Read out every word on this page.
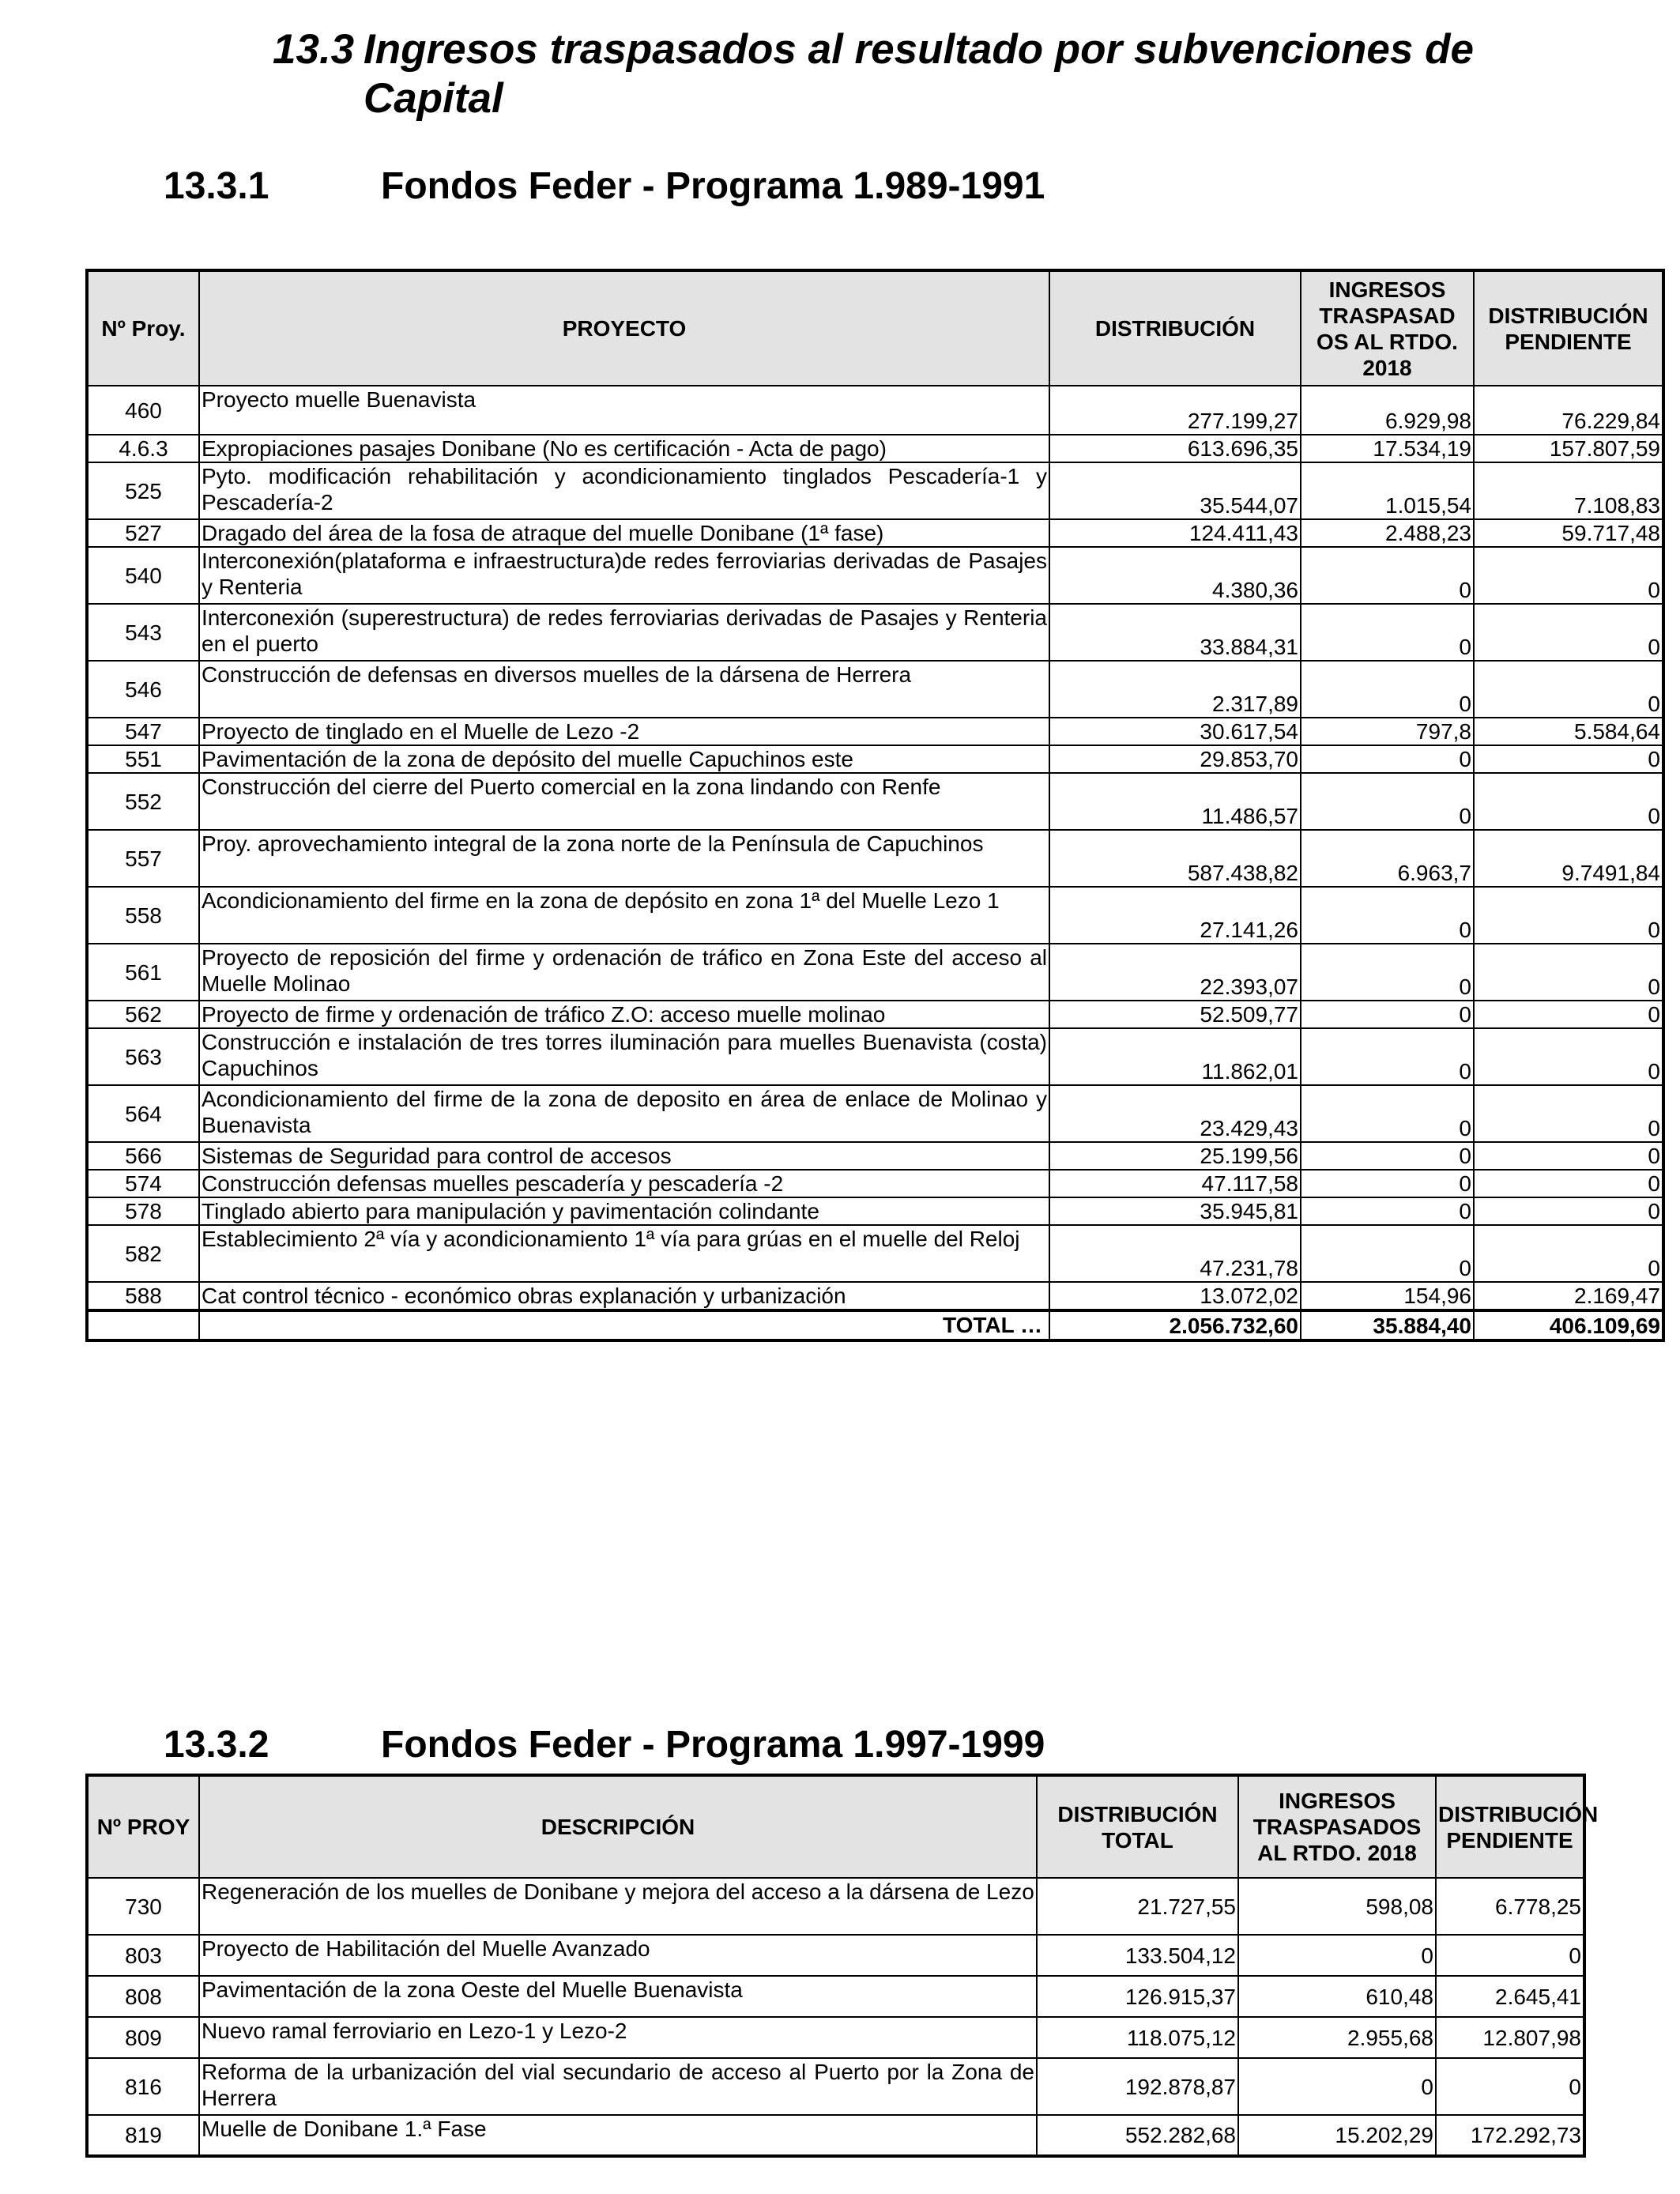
13.3 Ingresos traspasados al resultado por subvenciones de
Capital
13.3.1	Fondos Feder - Programa 1.989-1991
Nº Proy.	PROYECTO	DISTRIBUCIÓN	INGRESOS TRASPASAD OS AL RTDO. 2018	DISTRIBUCIÓN PENDIENTE
460	Proyecto muelle Buenavista	277.199,27	6.929,98	76.229,84
4.6.3	Expropiaciones pasajes Donibane (No es certificación - Acta de pago)	613.696,35	17.534,19	157.807,59
525	Pyto. modificación rehabilitación y acondicionamiento tinglados Pescadería-1 y Pescadería-2	35.544,07	1.015,54	7.108,83
527	Dragado del área de la fosa de atraque del muelle Donibane (1ª fase)	124.411,43	2.488,23	59.717,48
540	Interconexión(plataforma e infraestructura)de redes ferroviarias derivadas de Pasajes y Renteria	4.380,36	0	0
543	Interconexión (superestructura) de redes ferroviarias derivadas de Pasajes y Renteria en el puerto	33.884,31	0	0
546	Construcción de defensas en diversos muelles de la dársena de Herrera	2.317,89	0	0
547	Proyecto de tinglado en el Muelle de Lezo -2	30.617,54	797,8	5.584,64
551	Pavimentación de la zona de depósito del muelle Capuchinos este	29.853,70	0	0
552	Construcción del cierre del Puerto comercial en la zona lindando con Renfe	11.486,57	0	0
557	Proy. aprovechamiento integral de la zona norte de la Península de Capuchinos	587.438,82	6.963,7	9.7491,84
558	Acondicionamiento del firme en la zona de depósito en zona 1ª del Muelle Lezo 1	27.141,26	0	0
561	Proyecto de reposición del firme y ordenación de tráfico en Zona Este del acceso al Muelle Molinao	22.393,07	0	0
562	Proyecto de firme y ordenación de tráfico Z.O: acceso muelle molinao	52.509,77	0	0
563	Construcción e instalación de tres torres iluminación para muelles Buenavista (costa) Capuchinos	11.862,01	0	0
564	Acondicionamiento del firme de la zona de deposito en área de enlace de Molinao y Buenavista	23.429,43	0	0
566	Sistemas de Seguridad para control de accesos	25.199,56	0	0
574	Construcción defensas muelles pescadería y pescadería -2	47.117,58	0	0
578	Tinglado abierto para manipulación y pavimentación colindante	35.945,81	0	0
582	Establecimiento 2ª vía y acondicionamiento 1ª vía para grúas en el muelle del Reloj	47.231,78	0	0
588	Cat control técnico - económico obras explanación y urbanización	13.072,02	154,96	2.169,47
	TOTAL …	2.056.732,60	35.884,40	406.109,69
13.3.2	Fondos Feder - Programa 1.997-1999
Nº PROY	DESCRIPCIÓN	DISTRIBUCIÓN TOTAL	INGRESOS TRASPASADOS AL RTDO. 2018	DISTRIBUCIÓN PENDIENTE
730	Regeneración de los muelles de Donibane y mejora del acceso a la dársena de Lezo	21.727,55	598,08	6.778,25
803	Proyecto de Habilitación del Muelle Avanzado	133.504,12	0	0
808	Pavimentación de la zona Oeste del Muelle Buenavista	126.915,37	610,48	2.645,41
809	Nuevo ramal ferroviario en Lezo-1 y Lezo-2	118.075,12	2.955,68	12.807,98
816	Reforma de la urbanización del vial secundario de acceso al Puerto por la Zona de Herrera	192.878,87	0	0
819	Muelle de Donibane 1.ª Fase	552.282,68	15.202,29	172.292,73
